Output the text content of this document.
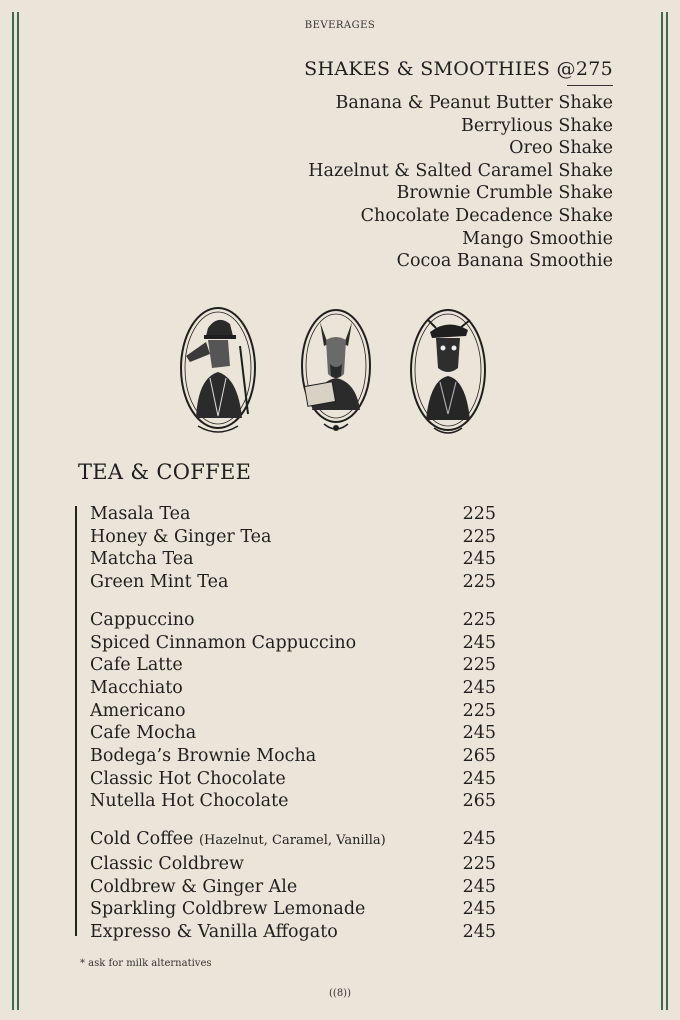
BEVERAGES
SHAKES & SMOOTHIES @275
Banana & Peanut Butter Shake
Berrylious Shake
Oreo Shake
Hazelnut & Salted Caramel Shake
Brownie Crumble Shake
Chocolate Decadence Shake
Mango Smoothie
Cocoa Banana Smoothie
TEA & COFFEE
Masala Tea	225
Honey & Ginger Tea	225
Matcha Tea	245
Green Mint Tea	225
Cappuccino	225
Spiced Cinnamon Cappuccino	245
Cafe Latte	225
Macchiato	245
Americano	225
Cafe Mocha	245
Bodega’s Brownie Mocha	265
Classic Hot Chocolate	245
Nutella Hot Chocolate	265
Cold Coffee (Hazelnut, Caramel, Vanilla)	245
Classic Coldbrew	225
Coldbrew & Ginger Ale	245
Sparkling Coldbrew Lemonade	245
Expresso & Vanilla Affogato	245
* ask for milk alternatives
((8))
